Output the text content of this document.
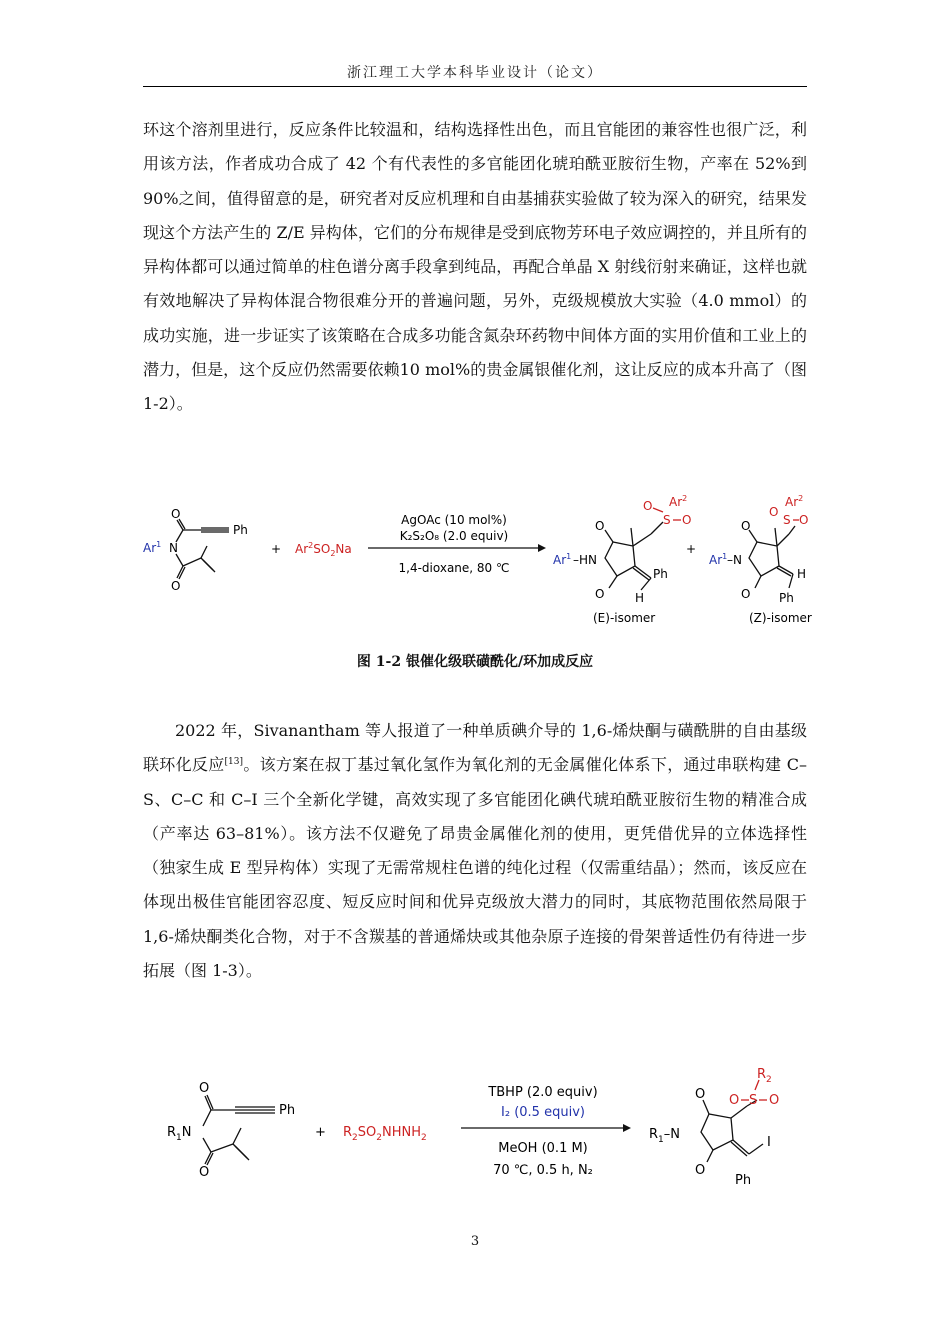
浙江理工大学本科毕业设计（论文）

环这个溶剂里进行，反应条件比较温和，结构选择性出色，而且官能团的兼容性也很广泛，利用该方法，作者成功合成了 42 个有代表性的多官能团化琥珀酰亚胺衍生物，产率在 52%到 90%之间，值得留意的是，研究者对反应机理和自由基捕获实验做了较为深入的研究，结果发现这个方法产生的 Z/E 异构体，它们的分布规律是受到底物芳环电子效应调控的，并且所有的异构体都可以通过简单的柱色谱分离手段拿到纯品，再配合单晶 X 射线衍射来确证，这样也就有效地解决了异构体混合物很难分开的普遍问题，另外，克级规模放大实验（4.0 mmol）的成功实施，进一步证实了该策略在合成多功能含氮杂环药物中间体方面的实用价值和工业上的潜力，但是，这个反应仍然需要依赖10 mol%的贵金属银催化剂，这让反应的成本升高了（图 1-2）。

Ar$^1$ N
O
Ph
O
+ $Ar^2SO_2Na$
AgOAc (10 mol%)
K₂S₂O₈ (2.0 equiv)
1,4-dioxane, 80 ℃
Ar$^1$ –HN
O
O
S
O
O
Ar$^2$
Ph
H
(E)-isomer
+
$Ar^1$ –N
O
O
S
O
O
Ar$^2$
H
Ph
(Z)-isomer
图 1-2 银催化级联磺酰化/环加成反应

2022 年，Sivanantham 等人报道了一种单质碘介导的 1,6-烯炔酮与磺酰肼的自由基级联环化反应[13]。该方案在叔丁基过氧化氢作为氧化剂的无金属催化体系下，通过串联构建 C–S、C–C 和 C–I 三个全新化学键，高效实现了多官能团化碘代琥珀酰亚胺衍生物的精准合成（产率达 63–81%）。该方法不仅避免了昂贵金属催化剂的使用，更凭借优异的立体选择性（独家生成 E 型异构体）实现了无需常规柱色谱的纯化过程（仅需重结晶）；然而，该反应在体现出极佳官能团容忍度、短反应时间和优异克级放大潜力的同时，其底物范围依然局限于 1,6-烯炔酮类化合物，对于不含羰基的普通烯炔或其他杂原子连接的骨架普适性仍有待进一步拓展（图 1-3）。

$R_1N$
O
Ph
O
+ $R_2SO_2NHNH_2$
TBHP (2.0 equiv)
I₂ (0.5 equiv)
MeOH (0.1 M)
70 ℃, 0.5 h, N₂
$R_1-N$
O
O
O S O
$R_2$
I
Ph
3
